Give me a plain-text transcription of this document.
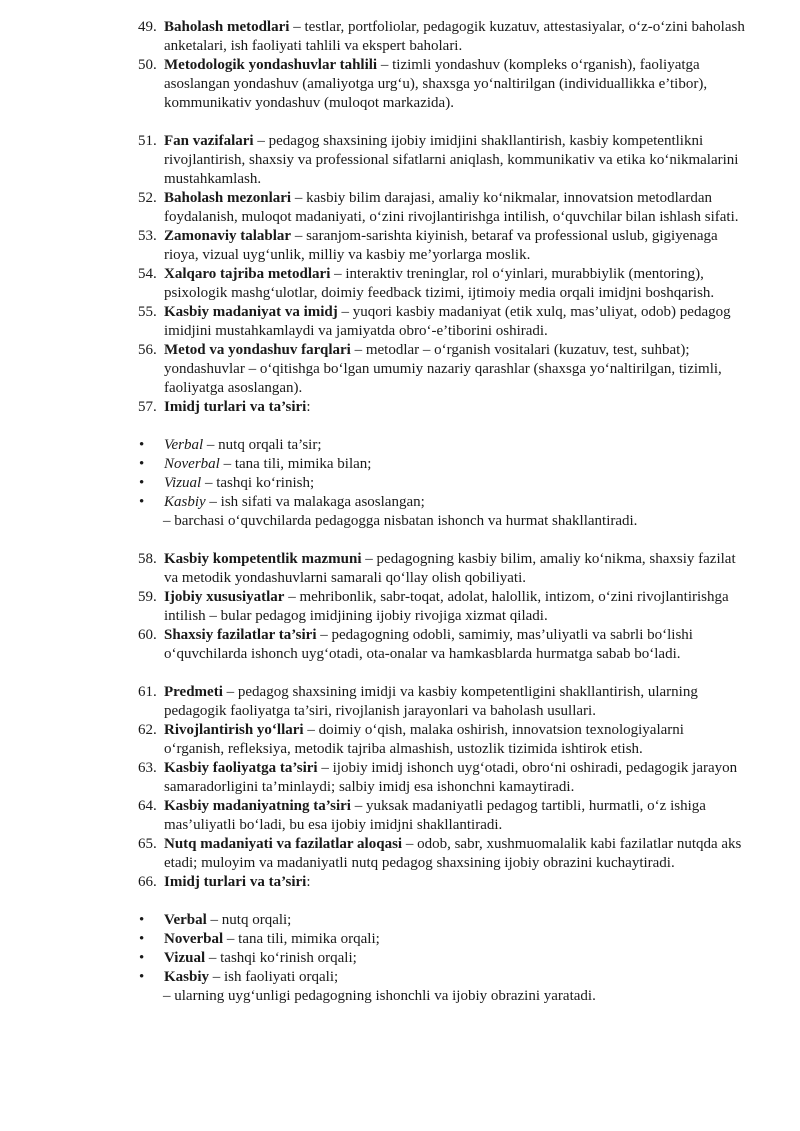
49. Baholash metodlari – testlar, portfoliolar, pedagogik kuzatuv, attestasiyalar, o‘z-o‘zini baholash anketalari, ish faoliyati tahlili va ekspert baholari.
50. Metodologik yondashuvlar tahlili – tizimli yondashuv (kompleks o‘rganish), faoliyatga asoslangan yondashuv (amaliyotga urg‘u), shaxsga yo‘naltirilgan (individuallikka e’tibor), kommunikativ yondashuv (muloqot markazida).
51. Fan vazifalari – pedagog shaxsining ijobiy imidjini shakllantirish, kasbiy kompetentlikni rivojlantirish, shaxsiy va professional sifatlarni aniqlash, kommunikativ va etika ko‘nikmalarini mustahkamlash.
52. Baholash mezonlari – kasbiy bilim darajasi, amaliy ko‘nikmalar, innovatsion metodlardan foydalanish, muloqot madaniyati, o‘zini rivojlantirishga intilish, o‘quvchilar bilan ishlash sifati.
53. Zamonaviy talablar – saranjom-sarishta kiyinish, betaraf va professional uslub, gigiyenaga rioya, vizual uyg‘unlik, milliy va kasbiy me’yorlarga moslik.
54. Xalqaro tajriba metodlari – interaktiv treninglar, rol o‘yinlari, murabbiylik (mentoring), psixologik mashg‘ulotlar, doimiy feedback tizimi, ijtimoiy media orqali imidjni boshqarish.
55. Kasbiy madaniyat va imidj – yuqori kasbiy madaniyat (etik xulq, mas’uliyat, odob) pedagog imidjini mustahkamlaydi va jamiyatda obro‘-e’tiborini oshiradi.
56. Metod va yondashuv farqlari – metodlar – o‘rganish vositalari (kuzatuv, test, suhbat); yondashuvlar – o‘qitishga bo‘lgan umumiy nazariy qarashlar (shaxsga yo‘naltirilgan, tizimli, faoliyatga asoslangan).
57. Imidj turlari va ta’siri:
• Verbal – nutq orqali ta’sir;
• Noverbal – tana tili, mimika bilan;
• Vizual – tashqi ko‘rinish;
• Kasbiy – ish sifati va malakaga asoslangan;
– barchasi o‘quvchilarda pedagogga nisbatan ishonch va hurmat shakllantiradi.
58. Kasbiy kompetentlik mazmuni – pedagogning kasbiy bilim, amaliy ko‘nikma, shaxsiy fazilat va metodik yondashuvlarni samarali qo‘llay olish qobiliyati.
59. Ijobiy xususiyatlar – mehribonlik, sabr-toqat, adolat, halollik, intizom, o‘zini rivojlantirishga intilish – bular pedagog imidjining ijobiy rivojiga xizmat qiladi.
60. Shaxsiy fazilatlar ta’siri – pedagogning odobli, samimiy, mas’uliyatli va sabrli bo‘lishi o‘quvchilarda ishonch uyg‘otadi, ota-onalar va hamkasblarda hurmatga sabab bo‘ladi.
61. Predmeti – pedagog shaxsining imidji va kasbiy kompetentligini shakllantirish, ularning pedagogik faoliyatga ta’siri, rivojlanish jarayonlari va baholash usullari.
62. Rivojlantirish yo‘llari – doimiy o‘qish, malaka oshirish, innovatsion texnologiyalarni o‘rganish, refleksiya, metodik tajriba almashish, ustozlik tizimida ishtirok etish.
63. Kasbiy faoliyatga ta’siri – ijobiy imidj ishonch uyg‘otadi, obro‘ni oshiradi, pedagogik jarayon samaradorligini ta’minlaydi; salbiy imidj esa ishonchni kamaytiradi.
64. Kasbiy madaniyatning ta’siri – yuksak madaniyatli pedagog tartibli, hurmatli, o‘z ishiga mas’uliyatli bo‘ladi, bu esa ijobiy imidjni shakllantiradi.
65. Nutq madaniyati va fazilatlar aloqasi – odob, sabr, xushmuomalalik kabi fazilatlar nutqda aks etadi; muloyim va madaniyatli nutq pedagog shaxsining ijobiy obrazini kuchaytiradi.
66. Imidj turlari va ta’siri:
• Verbal – nutq orqali;
• Noverbal – tana tili, mimika orqali;
• Vizual – tashqi ko‘rinish orqali;
• Kasbiy – ish faoliyati orqali;
– ularning uyg‘unligi pedagogning ishonchli va ijobiy obrazini yaratadi.
